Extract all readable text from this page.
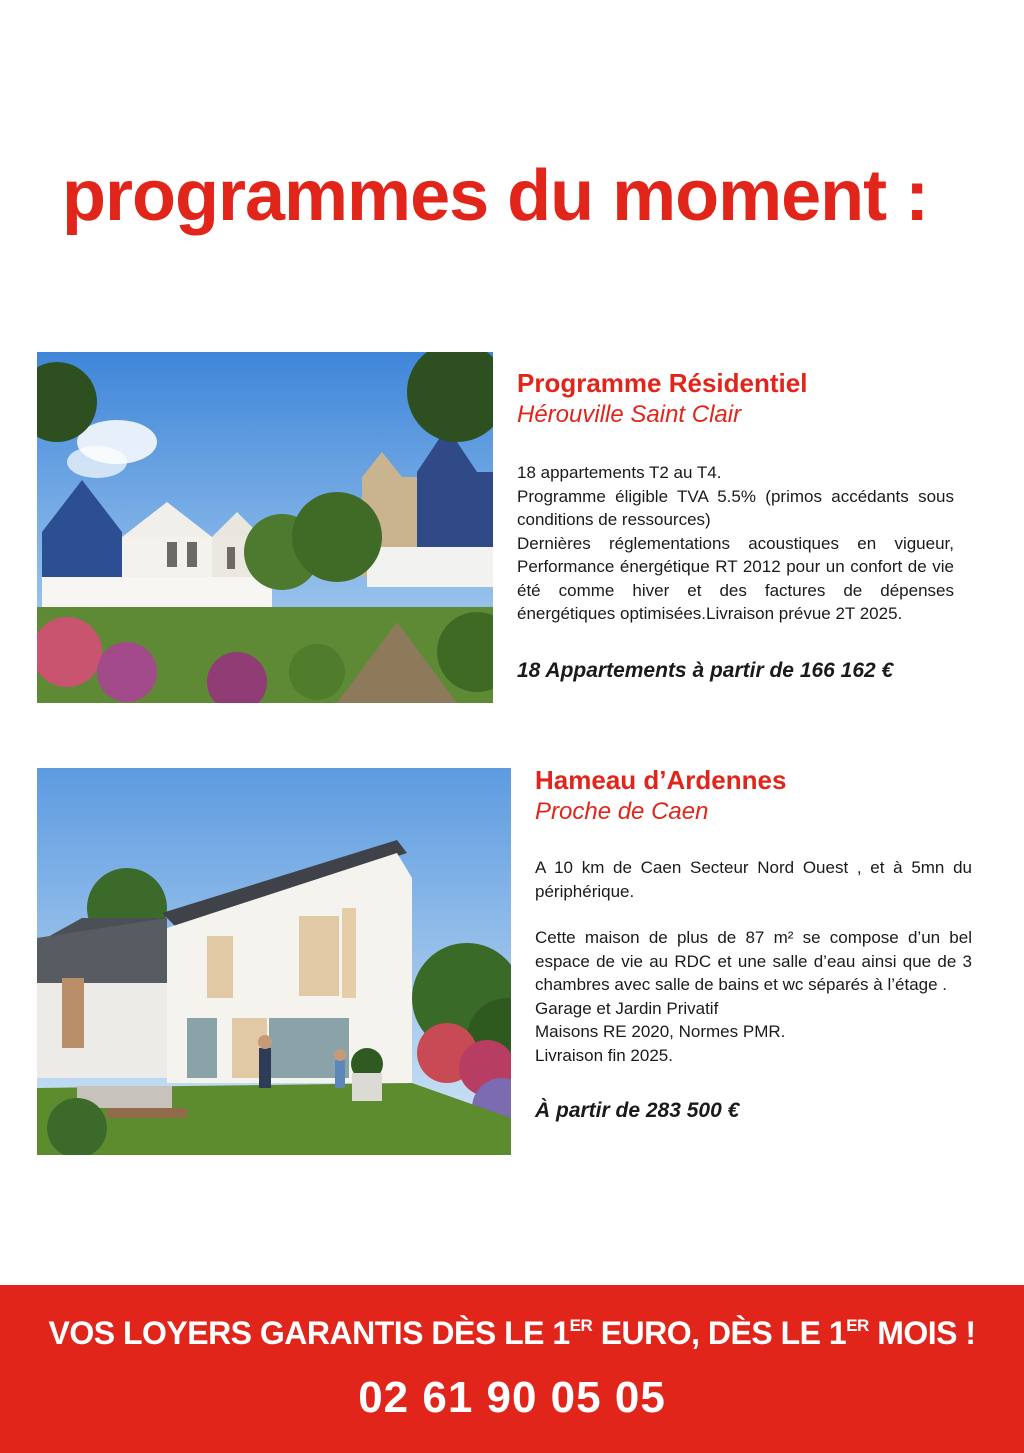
programmes du moment :

Programme Résidentiel

Hérouville Saint Clair

18 appartements T2 au T4.
Programme éligible TVA 5.5% (primos accédants sous conditions de ressources)
Dernières réglementations acoustiques en vigueur, Performance énergétique RT 2012 pour un confort de vie été comme hiver et des factures de dépenses énergétiques optimisées.Livraison prévue 2T 2025.

18 Appartements à partir de 166 162 €

Hameau d’Ardennes

Proche de Caen

A 10 km de Caen Secteur Nord Ouest , et à 5mn du périphérique.

Cette maison de plus de 87 m² se compose d’un bel espace de vie au RDC et une salle d’eau ainsi que de 3 chambres avec salle de bains et wc séparés à l’étage .
Garage et Jardin Privatif
Maisons RE 2020, Normes PMR.
Livraison fin 2025.

À partir de 283 500 €

VOS LOYERS GARANTIS DÈS LE 1ER EURO, DÈS LE 1ER MOIS !
02 61 90 05 05
